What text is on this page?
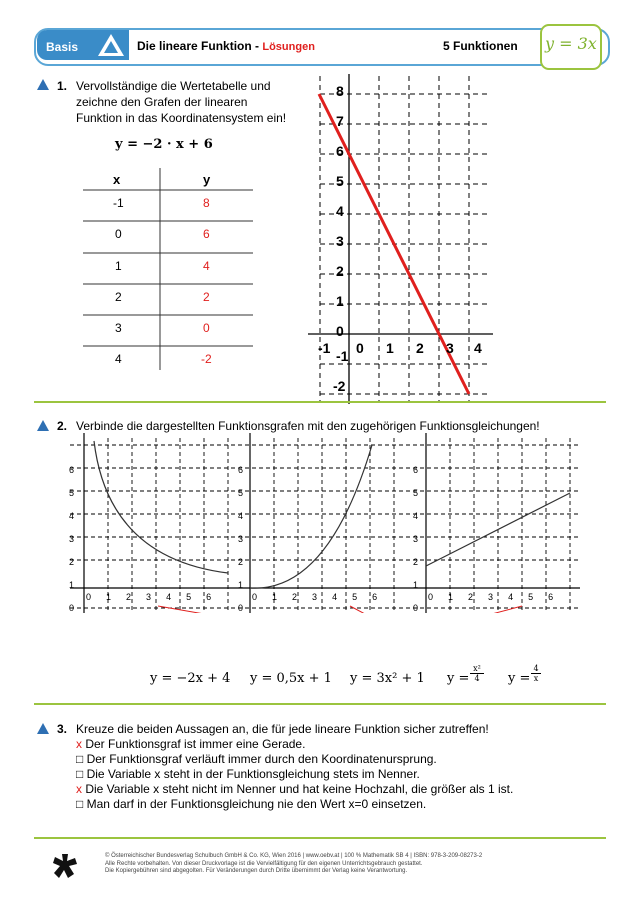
Basis	Die lineare Funktion - Lösungen	5 Funktionen y = 3x
1. Vervollständige die Wertetabelle und
zeichne den Grafen der linearen
Funktion in das Koordinatensystem ein!
y = −2 · x + 6
x	y
-1	8
0	6
1	4
2	2
3	0
4	-2
8
7
6
5
4
3
2
1
0
-1
-2
-1 0 1 2 3 4
2. Verbinde die dargestellten Funktionsgrafen mit den zugehörigen Funktionsgleichungen!
6
5
4
3
2
1
0
6
5
4
3
2
1
0
6
5
4
3
2
1
0
0 1 2 3 4 5 6	0 1 2 3 4 5 6	0 1 2 3 4 5 6
y = −2x + 4 y = 0,5x + 1 y = 3x² + 1 $y = \frac{\text{x²}}{4}$ $y = \frac{4}{x}$
3. Kreuze die beiden Aussagen an, die für jede lineare Funktion sicher zutreffen!
x Der Funktionsgraf ist immer eine Gerade.
□ Der Funktionsgraf verläuft immer durch den Koordinatenursprung.
□ Die Variable x steht in der Funktionsgleichung stets im Nenner.
x Die Variable x steht nicht im Nenner und hat keine Hochzahl, die größer als 1 ist.
□ Man darf in der Funktionsgleichung nie den Wert x=0 einsetzen.
© Österreichischer Bundesverlag Schulbuch GmbH & Co. KG, Wien 2016 | www.oebv.at | 100 % Mathematik SB 4 | ISBN: 978-3-209-08273-2
Alle Rechte vorbehalten. Von dieser Druckvorlage ist die Vervielfältigung für den eigenen Unterrichtsgebrauch gestattet.
Die Kopiergebühren sind abgegolten. Für Veränderungen durch Dritte übernimmt der Verlag keine Verantwortung.
